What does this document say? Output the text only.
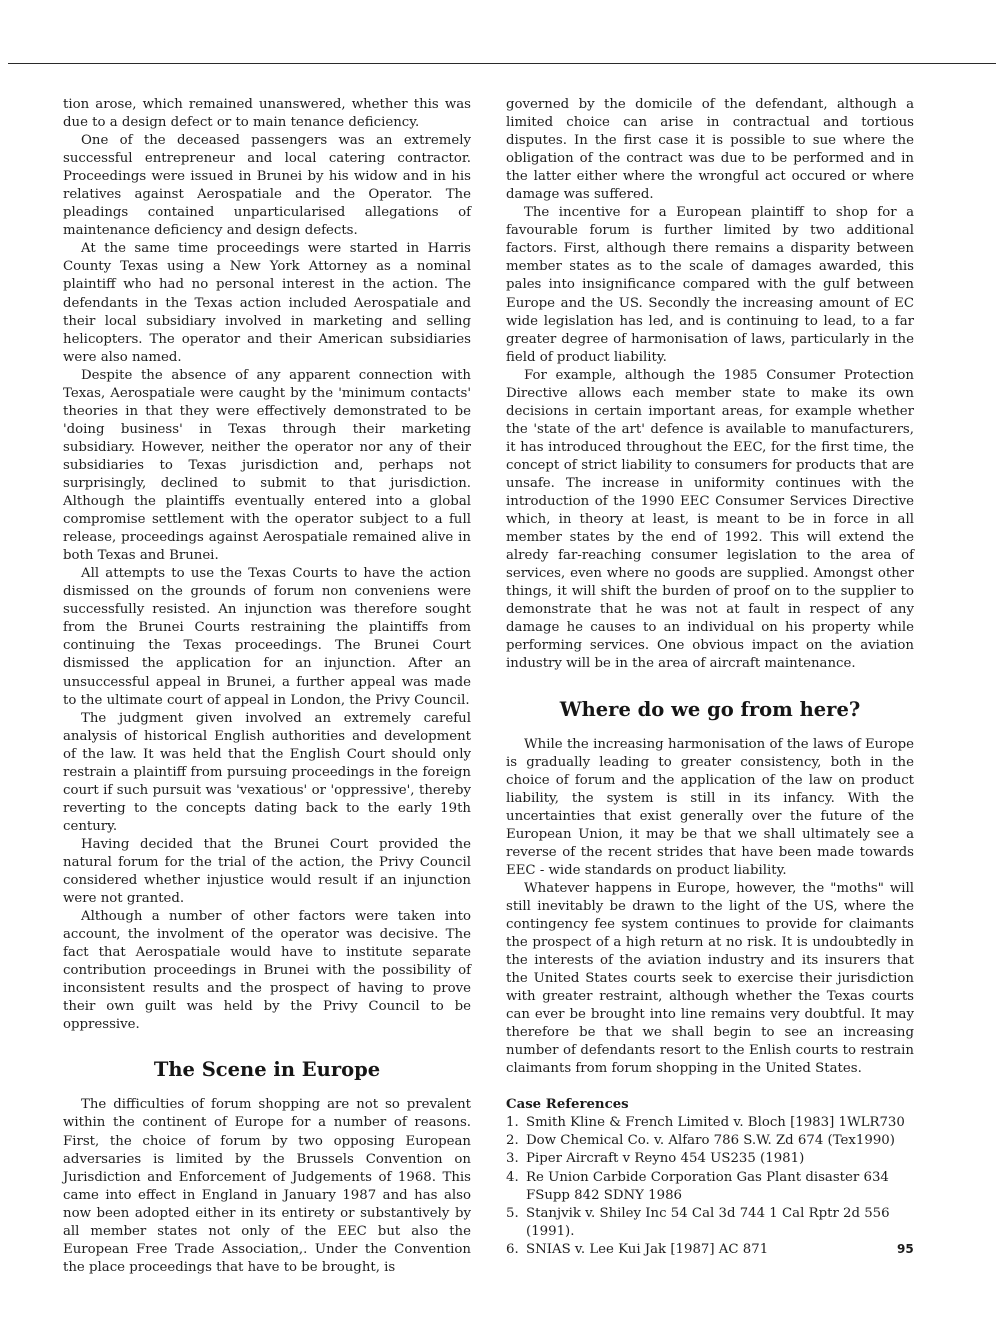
tion arose, which remained unanswered, whether this was due to a design defect or to main tenance deficiency.

One of the deceased passengers was an extremely successful entrepreneur and local catering contractor. Proceedings were issued in Brunei by his widow and in his relatives against Aerospatiale and the Operator. The pleadings contained unparticularised allegations of maintenance deficiency and design defects.

At the same time proceedings were started in Harris County Texas using a New York Attorney as a nominal plaintiff who had no personal interest in the action. The defendants in the Texas action included Aerospatiale and their local subsidiary involved in marketing and selling helicopters. The operator and their American subsidiaries were also named.

Despite the absence of any apparent connection with Texas, Aerospatiale were caught by the 'minimum contacts' theories in that they were effectively demonstrated to be 'doing business' in Texas through their marketing subsidiary. However, neither the operator nor any of their subsidiaries to Texas jurisdiction and, perhaps not surprisingly, declined to submit to that jurisdiction. Although the plaintiffs eventually entered into a global compromise settlement with the operator subject to a full release, proceedings against Aerospatiale remained alive in both Texas and Brunei.

All attempts to use the Texas Courts to have the action dismissed on the grounds of forum non conveniens were successfully resisted. An injunction was therefore sought from the Brunei Courts restraining the plaintiffs from continuing the Texas proceedings. The Brunei Court dismissed the application for an injunction. After an unsuccessful appeal in Brunei, a further appeal was made to the ultimate court of appeal in London, the Privy Council.

The judgment given involved an extremely careful analysis of historical English authorities and development of the law. It was held that the English Court should only restrain a plaintiff from pursuing proceedings in the foreign court if such pursuit was 'vexatious' or 'oppressive', thereby reverting to the concepts dating back to the early 19th century.

Having decided that the Brunei Court provided the natural forum for the trial of the action, the Privy Council considered whether injustice would result if an injunction were not granted.

Although a number of other factors were taken into account, the involment of the operator was decisive. The fact that Aerospatiale would have to institute separate contribution proceedings in Brunei with the possibility of inconsistent results and the prospect of having to prove their own guilt was held by the Privy Council to be oppressive.

The Scene in Europe

The difficulties of forum shopping are not so prevalent within the continent of Europe for a number of reasons. First, the choice of forum by two opposing European adversaries is limited by the Brussels Convention on Jurisdiction and Enforcement of Judgements of 1968. This came into effect in England in January 1987 and has also now been adopted either in its entirety or substantively by all member states not only of the EEC but also the European Free Trade Association,. Under the Convention the place proceedings that have to be brought, is

governed by the domicile of the defendant, although a limited choice can arise in contractual and tortious disputes. In the first case it is possible to sue where the obligation of the contract was due to be performed and in the latter either where the wrongful act occured or where damage was suffered.

The incentive for a European plaintiff to shop for a favourable forum is further limited by two additional factors. First, although there remains a disparity between member states as to the scale of damages awarded, this pales into insignificance compared with the gulf between Europe and the US. Secondly the increasing amount of EC wide legislation has led, and is continuing to lead, to a far greater degree of harmonisation of laws, particularly in the field of product liability.

For example, although the 1985 Consumer Protection Directive allows each member state to make its own decisions in certain important areas, for example whether the 'state of the art' defence is available to manufacturers, it has introduced throughout the EEC, for the first time, the concept of strict liability to consumers for products that are unsafe. The increase in uniformity continues with the introduction of the 1990 EEC Consumer Services Directive which, in theory at least, is meant to be in force in all member states by the end of 1992. This will extend the alredy far-reaching consumer legislation to the area of services, even where no goods are supplied. Amongst other things, it will shift the burden of proof on to the supplier to demonstrate that he was not at fault in respect of any damage he causes to an individual on his property while performing services. One obvious impact on the aviation industry will be in the area of aircraft maintenance.

Where do we go from here?

While the increasing harmonisation of the laws of Europe is gradually leading to greater consistency, both in the choice of forum and the application of the law on product liability, the system is still in its infancy. With the uncertainties that exist generally over the future of the European Union, it may be that we shall ultimately see a reverse of the recent strides that have been made towards EEC - wide standards on product liability.

Whatever happens in Europe, however, the "moths" will still inevitably be drawn to the light of the US, where the contingency fee system continues to provide for claimants the prospect of a high return at no risk. It is undoubtedly in the interests of the aviation industry and its insurers that the United States courts seek to exercise their jurisdiction with greater restraint, although whether the Texas courts can ever be brought into line remains very doubtful. It may therefore be that we shall begin to see an increasing number of defendants resort to the Enlish courts to restrain claimants from forum shopping in the United States.

Case References
1. Smith Kline & French Limited v. Bloch [1983] 1WLR730
2. Dow Chemical Co. v. Alfaro 786 S.W. Zd 674 (Tex1990)
3. Piper Aircraft v Reyno 454 US235 (1981)
4. Re Union Carbide Corporation Gas Plant disaster 634 FSupp 842 SDNY 1986
5. Stanjvik v. Shiley Inc 54 Cal 3d 744 1 Cal Rptr 2d 556 (1991).
6. SNIAS v. Lee Kui Jak [1987] AC 871	95
